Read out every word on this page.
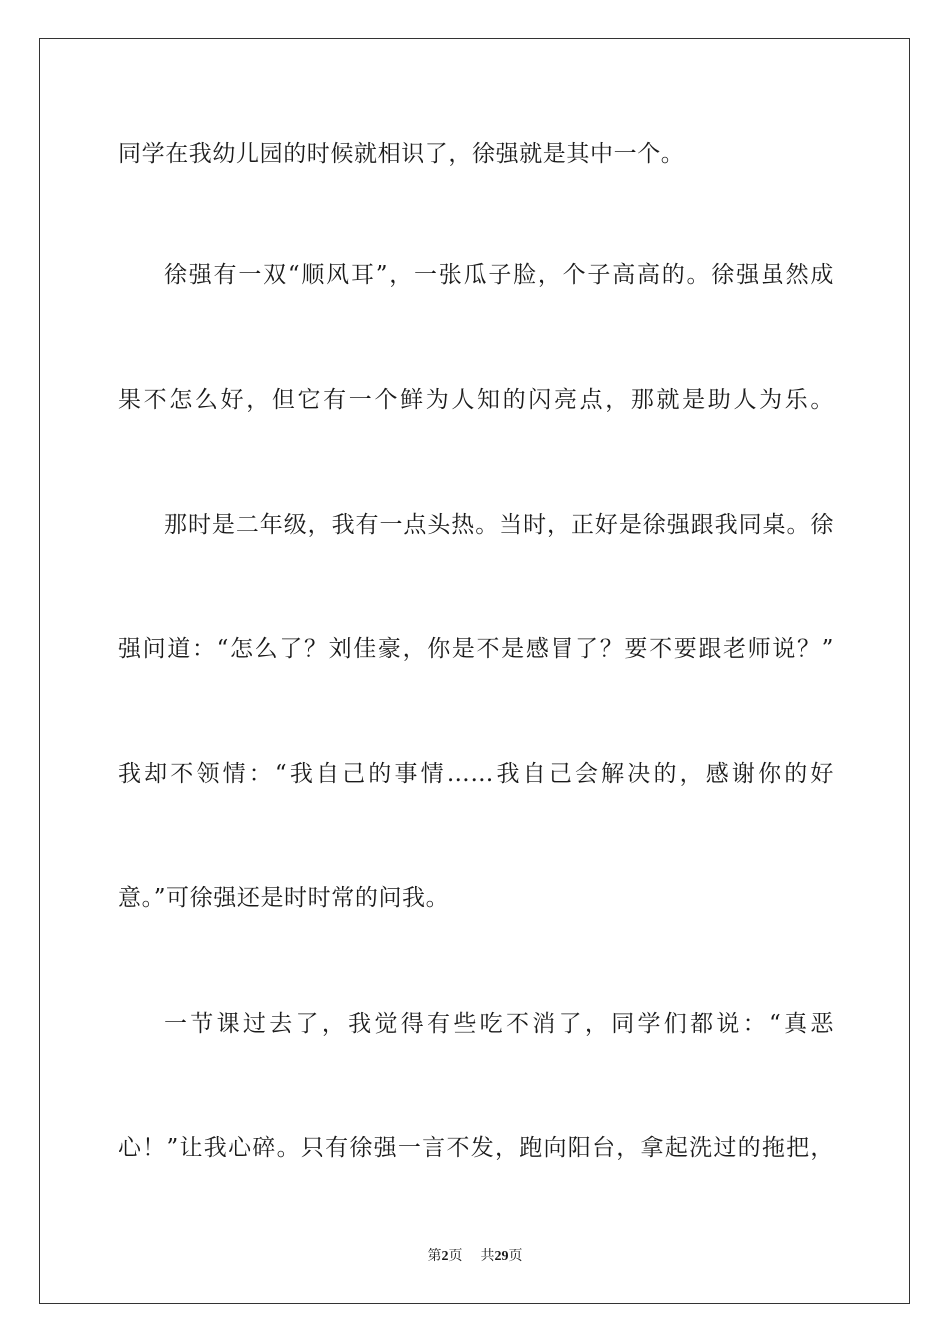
同学在我幼儿园的时候就相识了，徐强就是其中一个。
徐强有一双“顺风耳”，一张瓜子脸，个子高高的。徐强虽然成
果不怎么好，但它有一个鲜为人知的闪亮点，那就是助人为乐。
那时是二年级，我有一点头热。当时，正好是徐强跟我同桌。徐
强问道：“怎么了？刘佳豪，你是不是感冒了？要不要跟老师说？”
我却不领情：“我自己的事情……我自己会解决的，感谢你的好
意。”可徐强还是时时常的问我。
一节课过去了，我觉得有些吃不消了，同学们都说：“真恶
心！”让我心碎。只有徐强一言不发，跑向阳台，拿起洗过的拖把，
第2页 共29页
